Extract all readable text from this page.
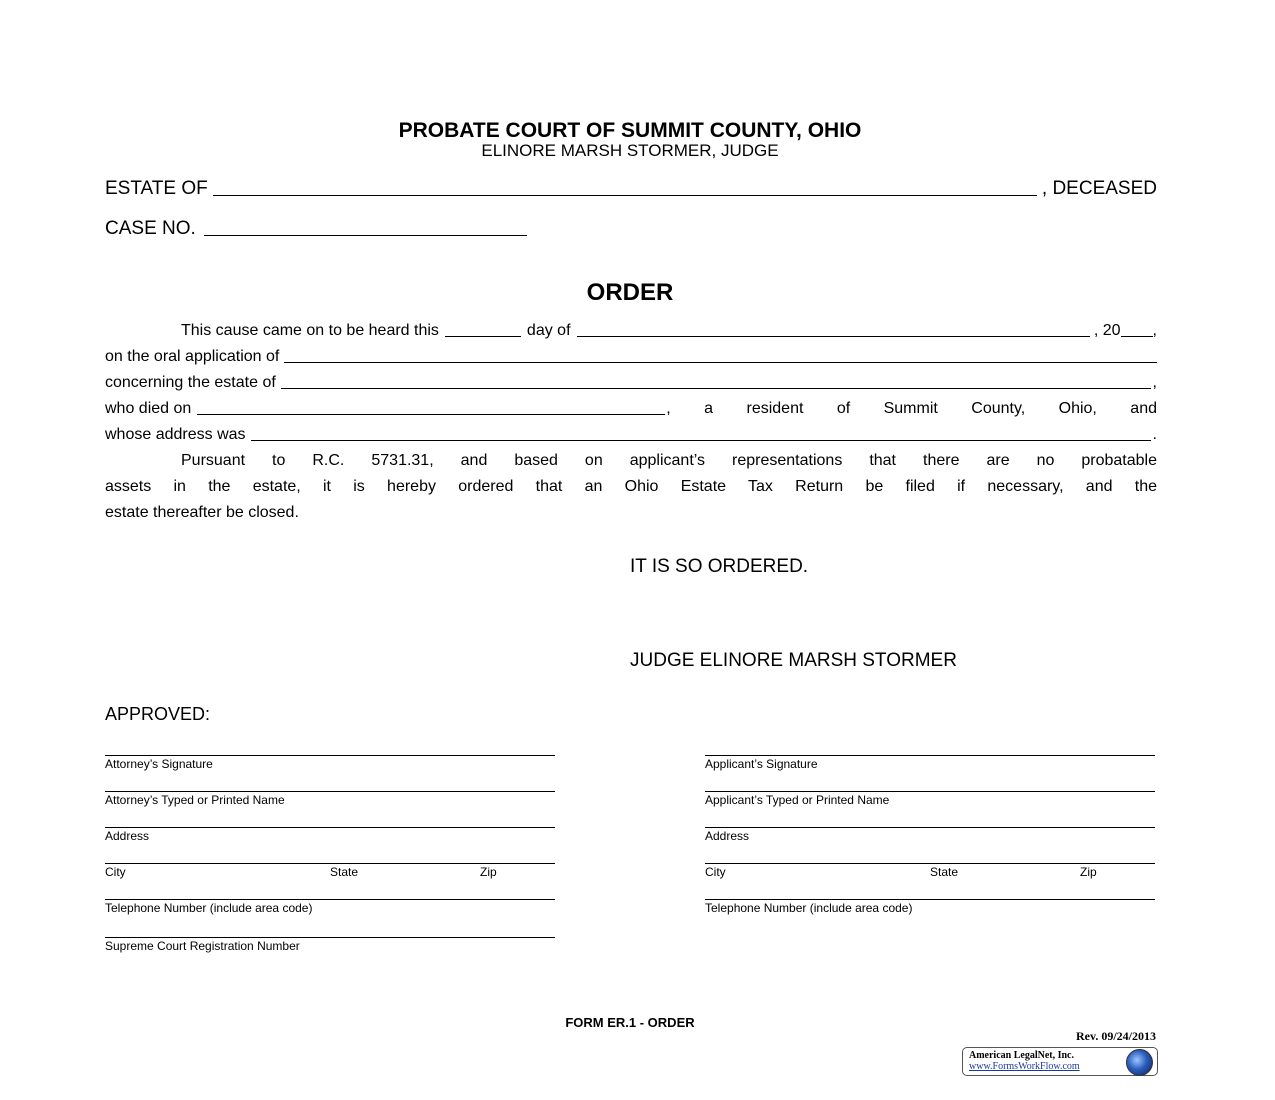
PROBATE COURT OF SUMMIT COUNTY, OHIO
ELINORE MARSH STORMER, JUDGE
ESTATE OF	, DECEASED
CASE NO.
ORDER
This cause came on to be heard this	day of	, 20 ,
on the oral application of
concerning the estate of	,
who died on	, a resident of Summit County, Ohio, and
whose address was	.
Pursuant to R.C. 5731.31, and based on applicant’s representations that there are no probatable
assets in the estate, it is hereby ordered that an Ohio Estate Tax Return be filed if necessary, and the
estate thereafter be closed.
IT IS SO ORDERED.
JUDGE ELINORE MARSH STORMER
APPROVED:
Attorney’s Signature
Attorney’s Typed or Printed Name
Address
City	State	Zip
Telephone Number (include area code)
Supreme Court Registration Number
Applicant’s Signature
Applicant’s Typed or Printed Name
Address
City	State	Zip
Telephone Number (include area code)
FORM ER.1 - ORDER
Rev. 09/24/2013
American LegalNet, Inc.
www.FormsWorkFlow.com
